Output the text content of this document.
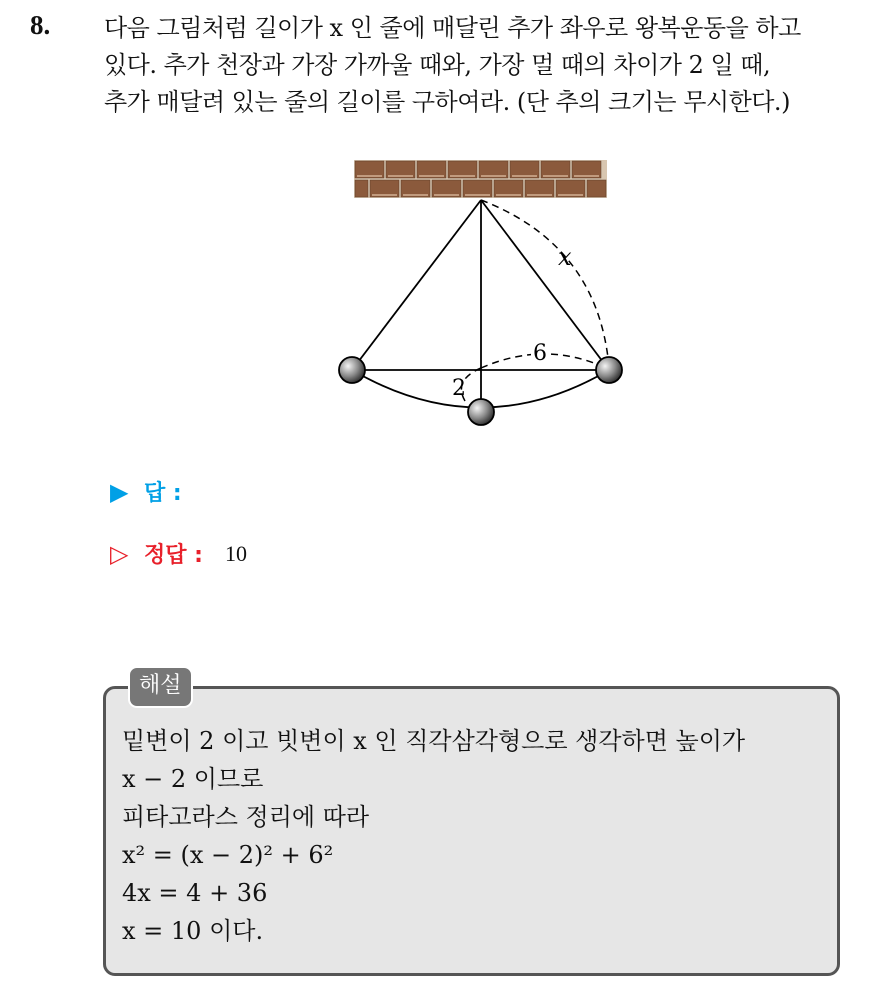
8. 다음 그림처럼 길이가 x 인 줄에 매달린 추가 좌우로 왕복운동을 하고
있다. 추가 천장과 가장 가까울 때와, 가장 멀 때의 차이가 2 일 때,
추가 매달려 있는 줄의 길이를 구하여라. (단 추의 크기는 무시한다.)
x
6
2
▶ 답 :
▷ 정답 : 10
해설
밑변이 2 이고 빗변이 x 인 직각삼각형으로 생각하면 높이가
x − 2 이므로
피타고라스 정리에 따라
x² = (x − 2)² + 6²
4x = 4 + 36
x = 10 이다.
